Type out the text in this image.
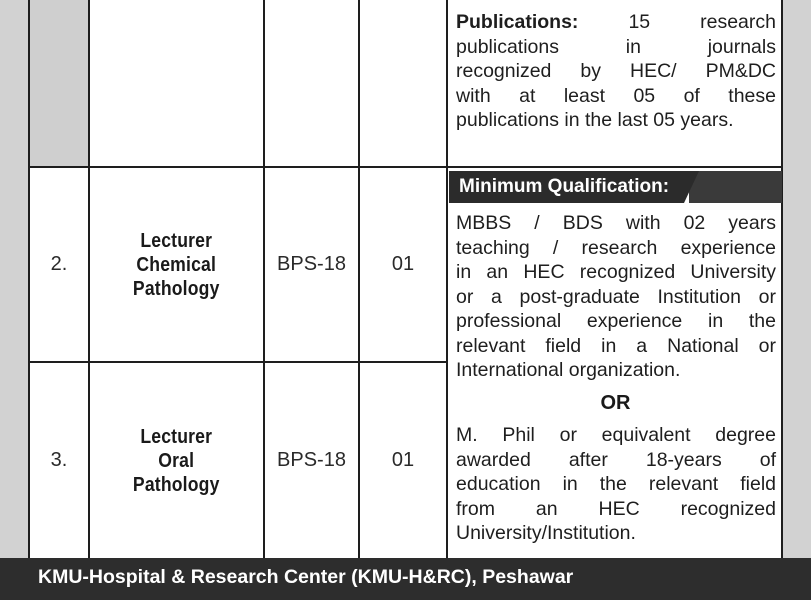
Publications:	15 research

publications in journals

recognized by HEC/ PM&DC

with at least 05 of these

publications in the last 05 years.

Minimum Qualification:
2.
Lecturer
Chemical
Pathology
BPS-18 01
3.
Lecturer
Oral
Pathology
BPS-18 01

MBBS / BDS with 02 years

teaching / research experience

in an HEC recognized University

or a post-graduate Institution or

professional experience in the

relevant field in a National or

International organization.

OR

M. Phil or equivalent degree

awarded after 18-years of

education in the relevant field

from an HEC recognized

University/Institution.

KMU-Hospital & Research Center (KMU-H&RC), Peshawar
